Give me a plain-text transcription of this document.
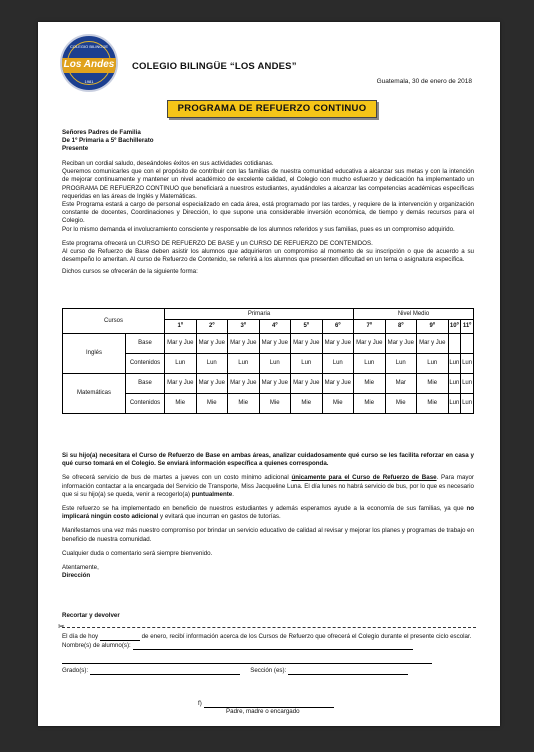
COLEGIO BILINGÜE
Los Andes
1981
COLEGIO BILINGÜE “LOS ANDES”
Guatemala, 30 de enero de 2018
PROGRAMA DE REFUERZO CONTINUO
Señores Padres de Familia
De 1º Primaria a 5º Bachillerato
Presente
Reciban un cordial saludo, deseándoles éxitos en sus actividades cotidianas.
Queremos comunicarles que con el propósito de contribuir con las familias de nuestra comunidad educativa a alcanzar sus metas y con la intención de mejorar continuamente y mantener un nivel académico de excelente calidad, el Colegio con mucho esfuerzo y dedicación ha implementado un PROGRAMA DE REFUERZO CONTINUO que beneficiará a nuestros estudiantes, ayudándoles a alcanzar las competencias académicas específicas requeridas en las áreas de Inglés y Matemáticas.
Este Programa estará a cargo de personal especializado en cada área, está programado por las tardes, y requiere de la intervención y organización constante de docentes, Coordinaciones y Dirección, lo que supone una considerable inversión económica, de tiempo y demás recursos para el Colegio.
Por lo mismo demanda el involucramiento consciente y responsable de los alumnos referidos y sus familias, pues es un compromiso adquirido.
Este programa ofrecerá un CURSO DE REFUERZO DE BASE y un CURSO DE REFUERZO DE CONTENIDOS.
Al curso de Refuerzo de Base deben asistir los alumnos que adquirieron un compromiso al momento de su inscripción o que de acuerdo a su desempeño lo ameritan. Al curso de Refuerzo de Contenido, se referirá a los alumnos que presenten dificultad en un tema o asignatura específica.
Dichos cursos se ofrecerán de la siguiente forma:
Cursos		Primaria						Nivel Medio				
		1º	2º	3º	4º	5º	6º	7º	8º	9º	10º	11º
Inglés	Base	Mar y Jue	Mar y Jue	Mar y Jue	Mar y Jue	Mar y Jue	Mar y Jue	Mar y Jue	Mar y Jue	Mar y Jue		
	Contenidos	Lun	Lun	Lun	Lun	Lun	Lun	Lun	Lun	Lun	Lun	Lun
Matemáticas	Base	Mar y Jue	Mar y Jue	Mar y Jue	Mar y Jue	Mar y Jue	Mar y Jue	Mie	Mar	Mie	Lun	Lun
	Contenidos	Mie	Mie	Mie	Mie	Mie	Mie	Mie	Mie	Mie	Lun	Lun
Si su hijo(a) necesitara el Curso de Refuerzo de Base en ambas áreas, analizar cuidadosamente qué curso se les facilita reforzar en casa y qué curso tomará en el Colegio. Se enviará información específica a quienes corresponda.
Se ofrecerá servicio de bus de martes a jueves con un costo mínimo adicional únicamente para el Curso de Refuerzo de Base. Para mayor información contactar a la encargada del Servicio de Transporte, Miss Jacqueline Luna. El día lunes no habrá servicio de bus, por lo que es necesario que si su hijo(a) se queda, venir a recogerlo(a) puntualmente.
Este refuerzo se ha implementado en beneficio de nuestros estudiantes y además esperamos ayude a la economía de sus familias, ya que no implicará ningún costo adicional y evitará que incurran en gastos de tutorías.
Manifestamos una vez más nuestro compromiso por brindar un servicio educativo de calidad al revisar y mejorar los planes y programas de trabajo en beneficio de nuestra comunidad.
Cualquier duda o comentario será siempre bienvenido.
Atentamente,
Dirección
Recortar y devolver
✂
El día de hoy	de enero, recibí información acerca de los Cursos de Refuerzo que ofrecerá el Colegio durante el presente ciclo escolar.
Nombre(s) de alumno(s):
Grado(s):	Sección (es):
f)
Padre, madre o encargado
